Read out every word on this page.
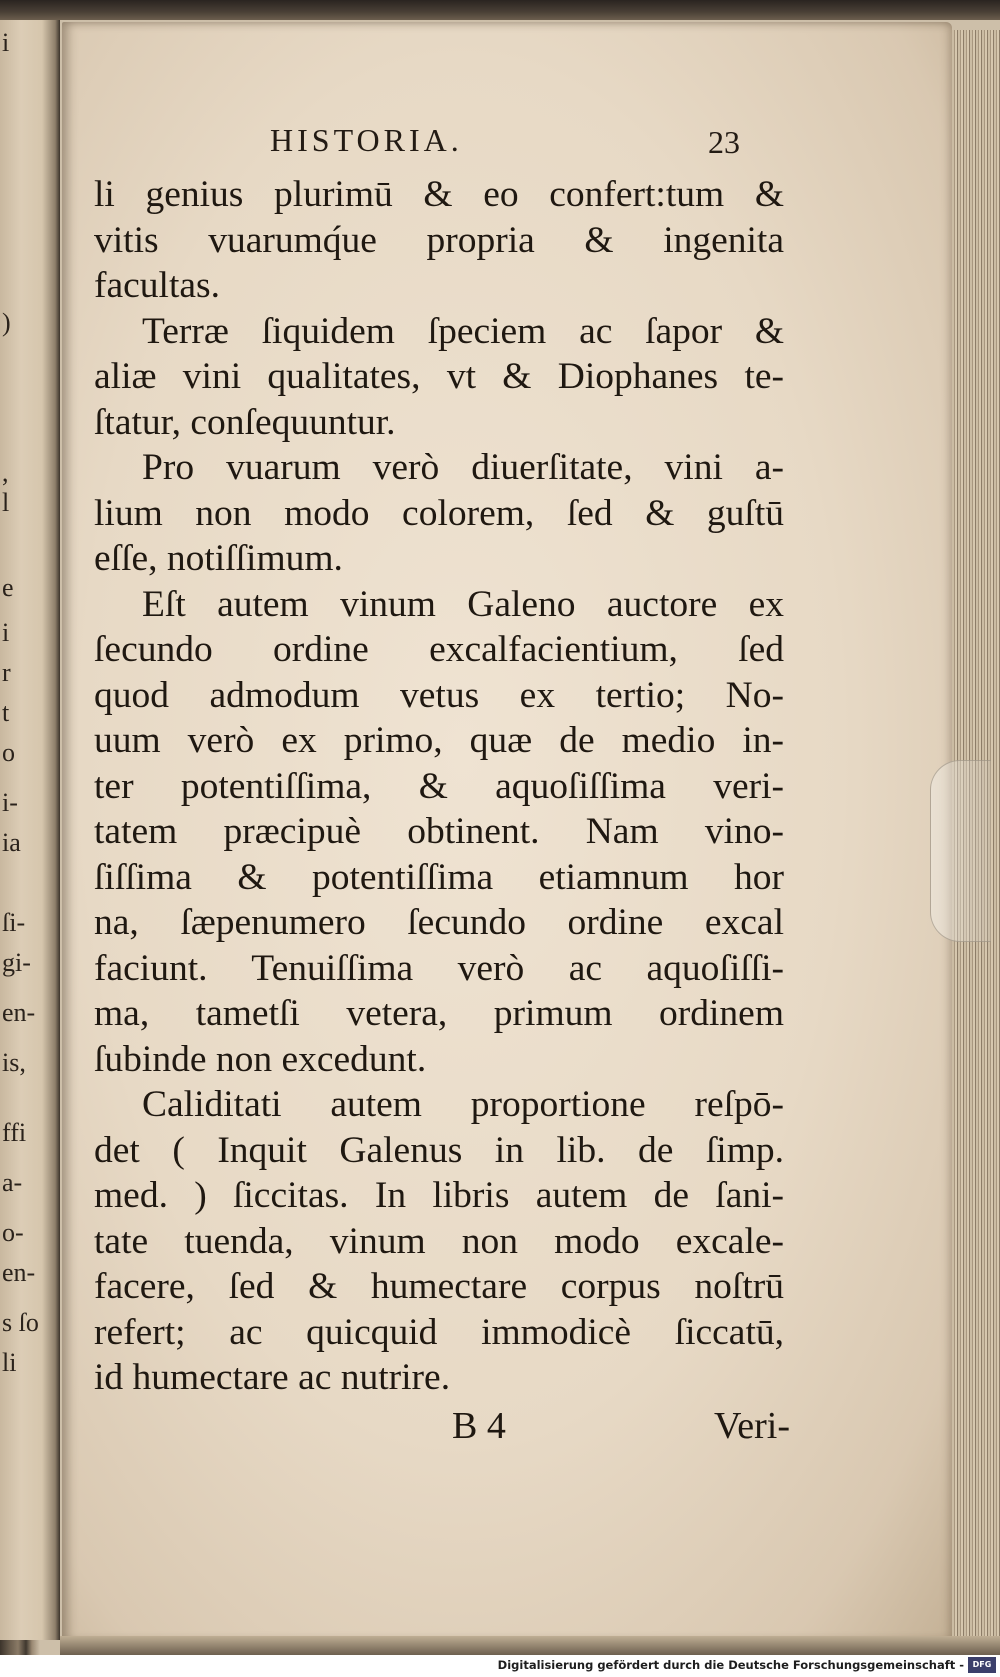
i
)
,
l
e
i
r
t
o
i-
ia
ſi-
gi-
en-
is,
ffi
a-
o-
en-
s ſo
li
HISTORIA.	23
li genius plurimū & eo confert:tum &
vitis vuarumq́ue propria & ingenita
facultas.
Terræ ſiquidem ſpeciem ac ſapor &
aliæ vini qualitates, vt & Diophanes te-
ſtatur, conſequuntur.
Pro vuarum verò diuerſitate, vini a-
lium non modo colorem, ſed & guſtū
eſſe, notiſſimum.
Eſt autem vinum Galeno auctore ex
ſecundo ordine excalfacientium, ſed
quod admodum vetus ex tertio; No-
uum verò ex primo, quæ de medio in-
ter potentiſſima, & aquoſiſſima veri-
tatem præcipuè obtinent. Nam vino-
ſiſſima & potentiſſima etiamnum hor
na, ſæpenumero ſecundo ordine excal
faciunt. Tenuiſſima verò ac aquoſiſſi-
ma, tametſi vetera, primum ordinem
ſubinde non excedunt.
Caliditati autem proportione reſpō-
det ( Inquit Galenus in lib. de ſimp.
med. ) ſiccitas. In libris autem de ſani-
tate tuenda, vinum non modo excale-
facere, ſed & humectare corpus noſtrū
refert; ac quicquid immodicè ſiccatū,
id humectare ac nutrire.
B 4	Veri-
Digitalisierung gefördert durch die Deutsche Forschungsgemeinschaft -	DFG
